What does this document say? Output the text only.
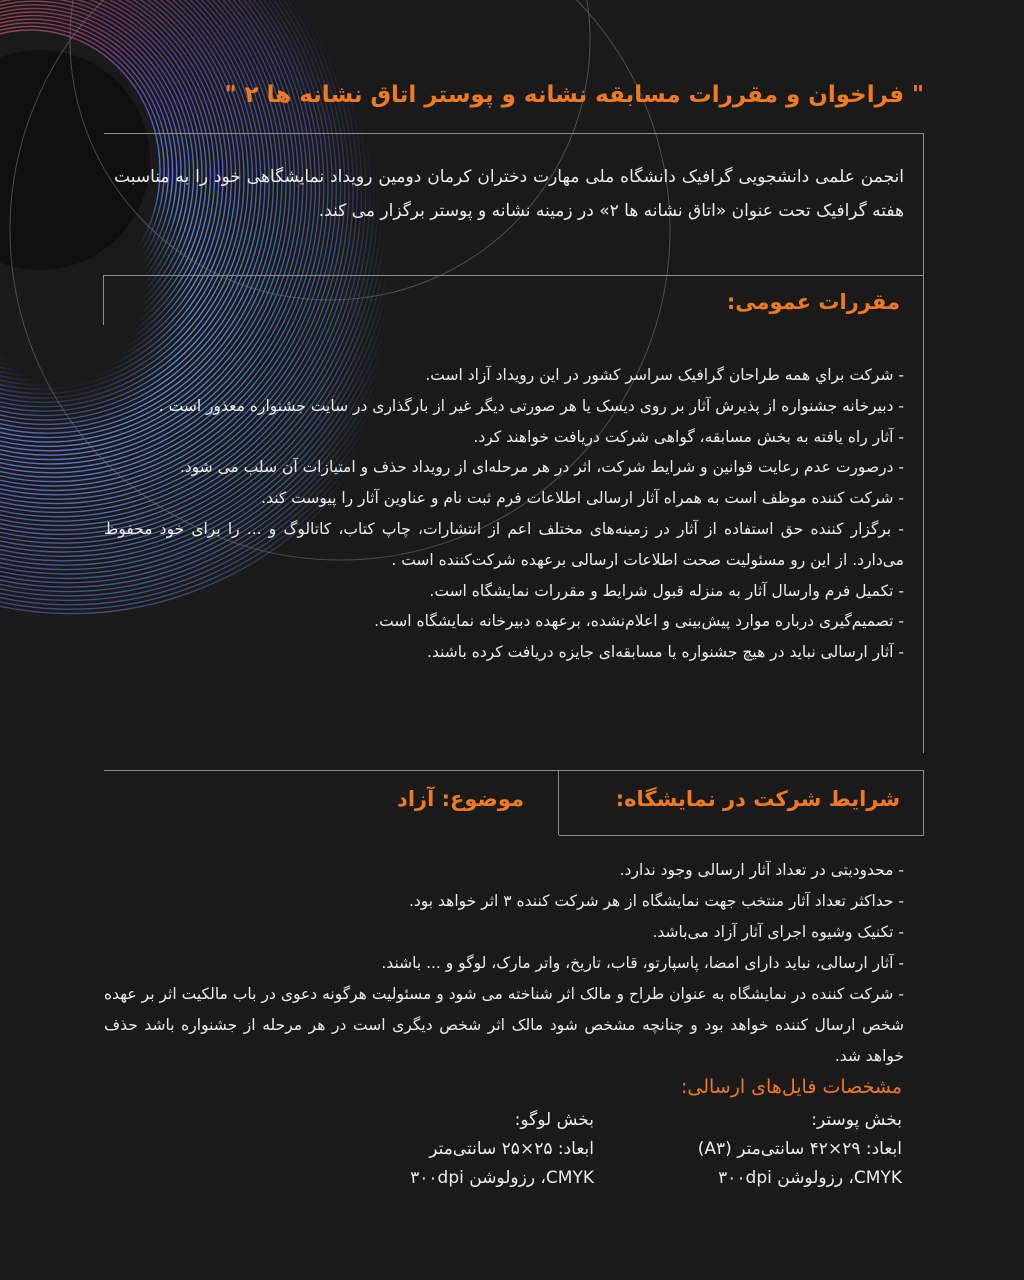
" فراخوان و مقررات مسابقه نشانه و پوستر اتاق نشانه ها ۲ "

انجمن علمی دانشجویی گرافیک دانشگاه ملی مهارت دختران کرمان دومین رویداد نمایشگاهی خود را به مناسبت هفته گرافیک تحت عنوان «اتاق نشانه ها ۲» در زمینه نشانه و پوستر برگزار می کند.

مقررات عمومی:
- شرکت براي همه طراحان گرافیک سراسر کشور در این رویداد آزاد است.
- دبیرخانه جشنواره از پذیرش آثار بر روی دیسک یا هر صورتی دیگر غیر از بارگذاری در سایت جشنواره معذور است .
- آثار راه یافته به بخش مسابقه، گواهی شرکت دریافت خواهند کرد.
- درصورت عدم رعایت قوانین و شرایط شرکت، اثر در هر مرحله‌ای از رویداد حذف و امتیازات آن سلب می شود.
- شرکت کننده موظف است به همراه آثار ارسالی اطلاعات فرم ثبت نام و عناوین آثار را پیوست کند.
- برگزار کننده حق استفاده از آثار در زمینه‌های مختلف اعم از انتشارات، چاپ کتاب، کاتالوگ و ... را برای خود محفوظ می‌دارد. از این رو مسئولیت صحت اطلاعات ارسالی برعهده شرکت‌کننده است .
- تکمیل فرم وارسال آثار به منزله قبول شرایط و مقررات نمایشگاه است.
- تصمیم‌گیری درباره موارد پیش‌بینی و اعلام‌نشده، برعهده دبیرخانه نمایشگاه است.
- آثار ارسالی نباید در هیچ جشنواره یا مسابقه‌ای جایزه دریافت کرده باشند.
شرایط شرکت در نمایشگاه:
موضوع: آزاد
- محدودیتی در تعداد آثار ارسالی وجود ندارد.
- حداکثر تعداد آثار منتخب جهت نمایشگاه از هر شرکت کننده ۳ اثر خواهد بود.
- تکنیک وشیوه اجرای آثار آزاد می‌باشد.
- آثار ارسالی، نباید دارای امضا، پاسپارتو، قاب، تاریخ، واتر مارک، لوگو و ... باشند.
- شرکت کننده در نمایشگاه به عنوان طراح و مالک اثر شناخته می شود و مسئولیت هرگونه دعوی در باب مالکیت اثر بر عهده شخص ارسال کننده خواهد بود و چنانچه مشخص شود مالک اثر شخص دیگری است در هر مرحله از جشنواره باشد حذف خواهد شد.
مشخصات فایل‌های ارسالی:
بخش پوستر:
ابعاد: ۲۹×۴۲ سانتی‌متر (A۳)
CMYK، رزولوشن ۳۰۰dpi
بخش لوگو:
ابعاد: ۲۵×۲۵ سانتی‌متر
CMYK، رزولوشن ۳۰۰dpi
